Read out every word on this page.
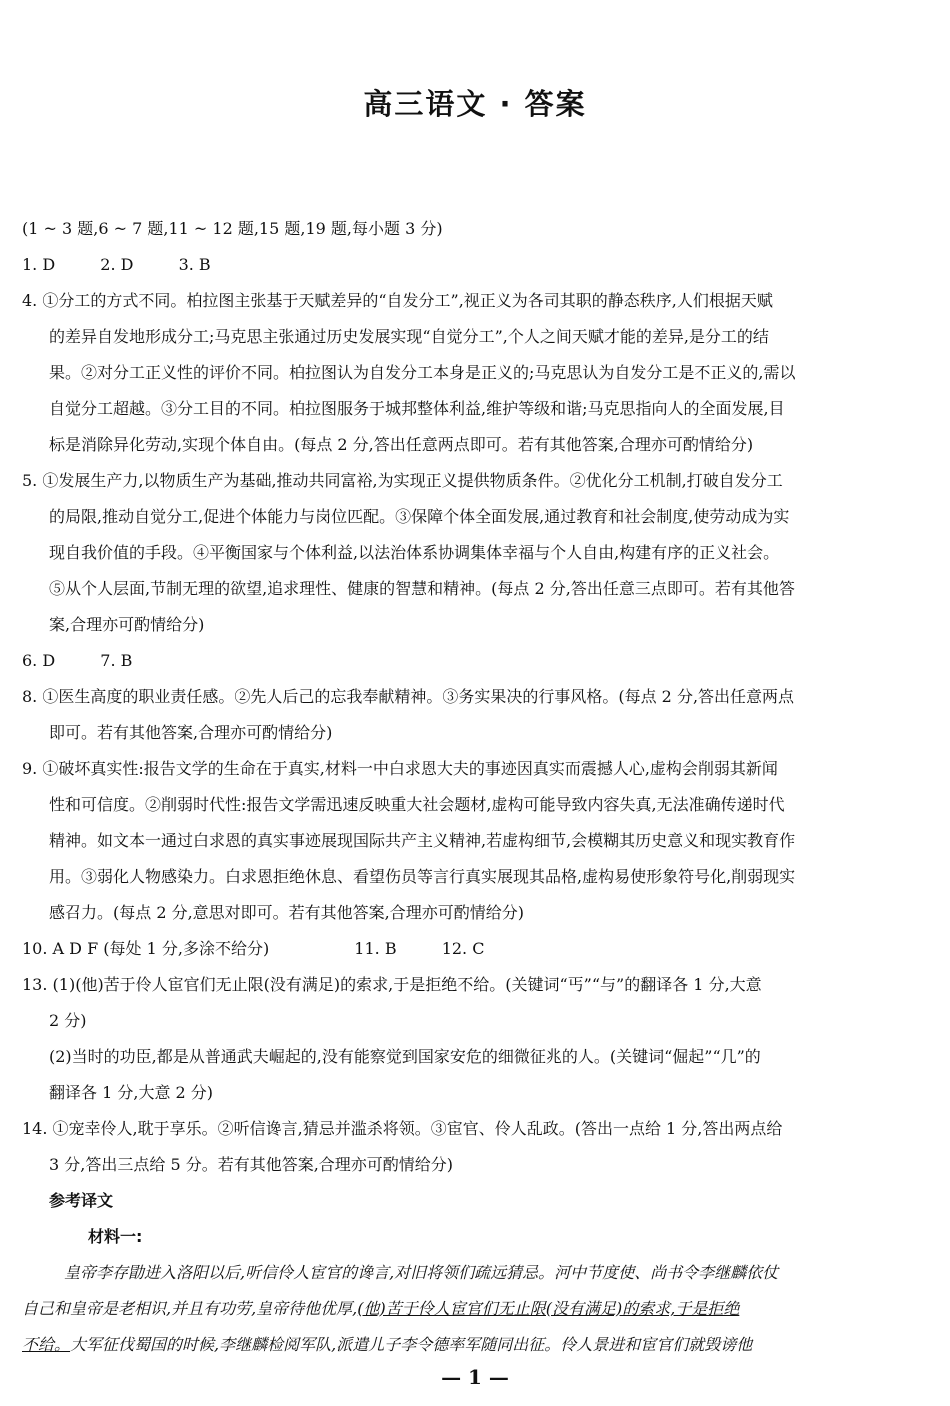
高三语文 · 答案
(1 ~ 3 题,6 ~ 7 题,11 ~ 12 题,15 题,19 题,每小题 3 分)
1. D	2. D	3. B
4. ①分工的方式不同。柏拉图主张基于天赋差异的“自发分工”,视正义为各司其职的静态秩序,人们根据天赋
的差异自发地形成分工;马克思主张通过历史发展实现“自觉分工”,个人之间天赋才能的差异,是分工的结
果。②对分工正义性的评价不同。柏拉图认为自发分工本身是正义的;马克思认为自发分工是不正义的,需以
自觉分工超越。③分工目的不同。柏拉图服务于城邦整体利益,维护等级和谐;马克思指向人的全面发展,目
标是消除异化劳动,实现个体自由。(每点 2 分,答出任意两点即可。若有其他答案,合理亦可酌情给分)
5. ①发展生产力,以物质生产为基础,推动共同富裕,为实现正义提供物质条件。②优化分工机制,打破自发分工
的局限,推动自觉分工,促进个体能力与岗位匹配。③保障个体全面发展,通过教育和社会制度,使劳动成为实
现自我价值的手段。④平衡国家与个体利益,以法治体系协调集体幸福与个人自由,构建有序的正义社会。
⑤从个人层面,节制无理的欲望,追求理性、健康的智慧和精神。(每点 2 分,答出任意三点即可。若有其他答
案,合理亦可酌情给分)
6. D	7. B
8. ①医生高度的职业责任感。②先人后己的忘我奉献精神。③务实果决的行事风格。(每点 2 分,答出任意两点
即可。若有其他答案,合理亦可酌情给分)
9. ①破坏真实性:报告文学的生命在于真实,材料一中白求恩大夫的事迹因真实而震撼人心,虚构会削弱其新闻
性和可信度。②削弱时代性:报告文学需迅速反映重大社会题材,虚构可能导致内容失真,无法准确传递时代
精神。如文本一通过白求恩的真实事迹展现国际共产主义精神,若虚构细节,会模糊其历史意义和现实教育作
用。③弱化人物感染力。白求恩拒绝休息、看望伤员等言行真实展现其品格,虚构易使形象符号化,削弱现实
感召力。(每点 2 分,意思对即可。若有其他答案,合理亦可酌情给分)
10. A D F (每处 1 分,多涂不给分)	11. B	12. C
13. (1)(他)苦于伶人宦官们无止限(没有满足)的索求,于是拒绝不给。(关键词“丐”“与”的翻译各 1 分,大意
2 分)
(2)当时的功臣,都是从普通武夫崛起的,没有能察觉到国家安危的细微征兆的人。(关键词“倔起”“几”的
翻译各 1 分,大意 2 分)
14. ①宠幸伶人,耽于享乐。②听信谗言,猜忌并滥杀将领。③宦官、伶人乱政。(答出一点给 1 分,答出两点给
3 分,答出三点给 5 分。若有其他答案,合理亦可酌情给分)
参考译文
材料一:
皇帝李存勖进入洛阳以后,听信伶人宦官的谗言,对旧将领们疏远猜忌。河中节度使、尚书令李继麟依仗
自己和皇帝是老相识,并且有功劳,皇帝待他优厚,(他)苦于伶人宦官们无止限(没有满足)的索求,于是拒绝
不给。大军征伐蜀国的时候,李继麟检阅军队,派遣儿子李令德率军随同出征。伶人景进和宦官们就毁谤他
— 1 —
